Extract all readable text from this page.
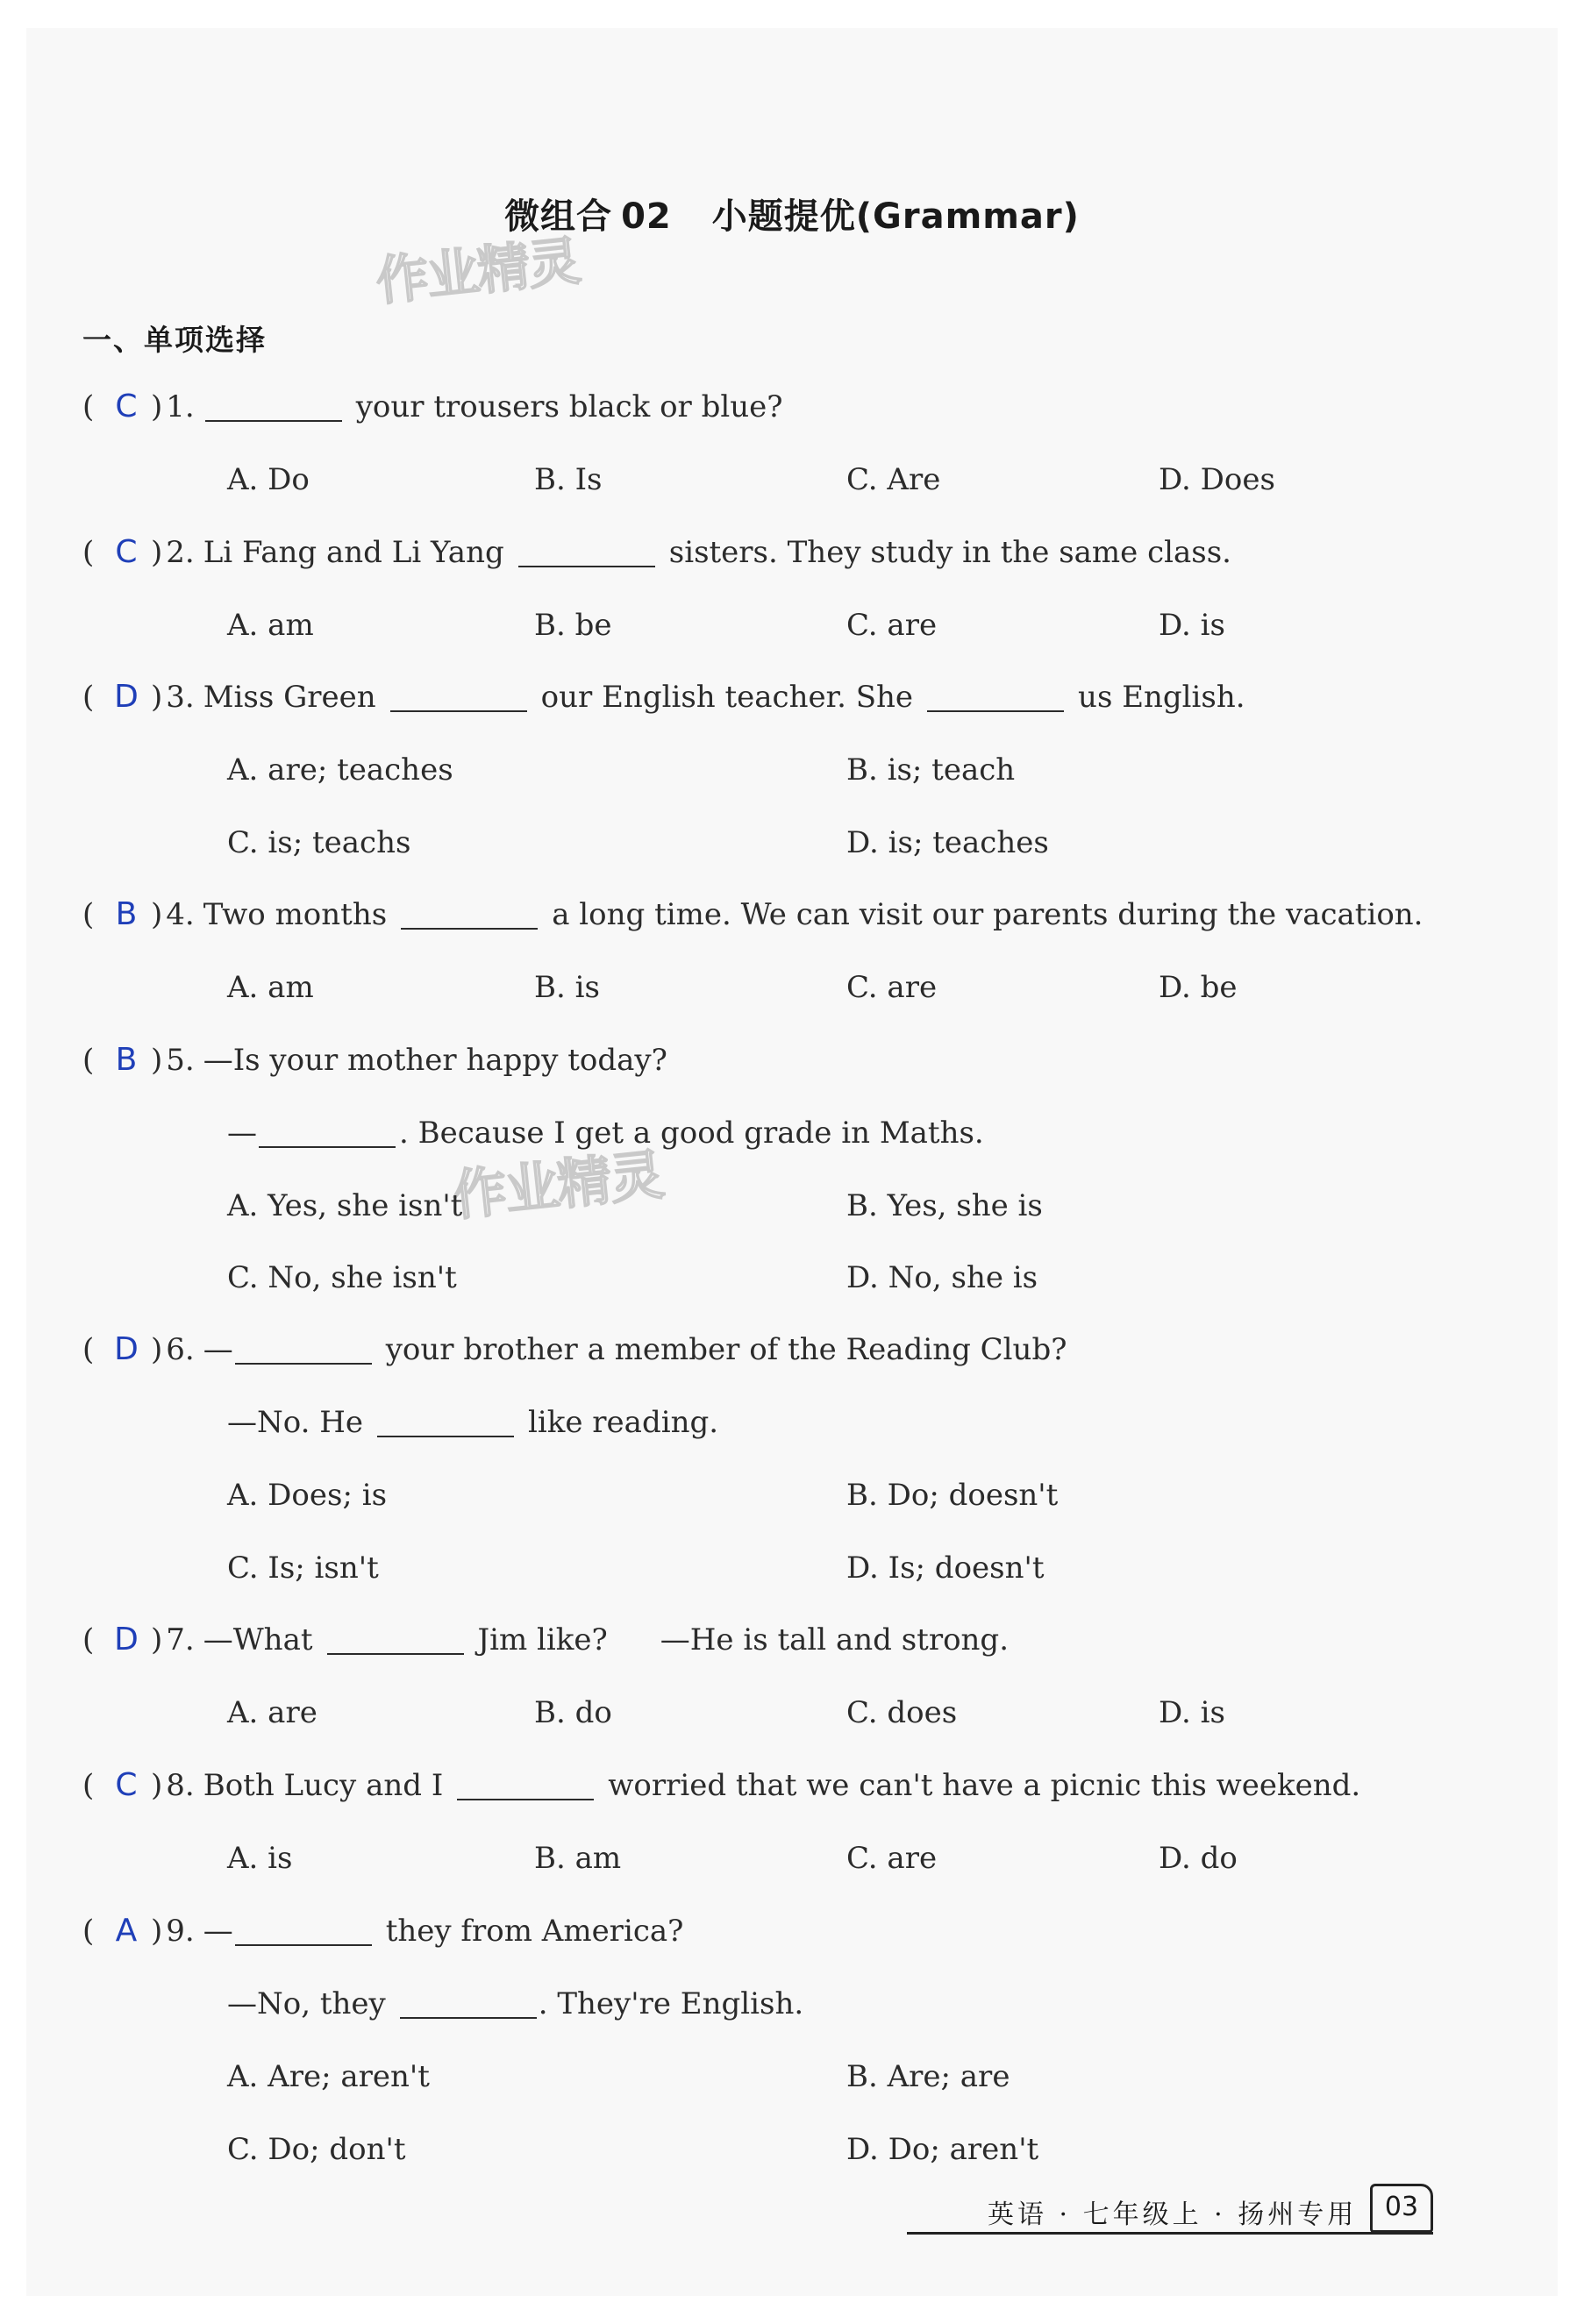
微组合 02 小题提优(Grammar)
作业精灵
作业精灵
一、单项选择
( C ) 1.	your trousers black or blue?
A. Do	B. Is	C. Are	D. Does
( C ) 2. Li Fang and Li Yang	sisters. They study in the same class.
A. am	B. be	C. are	D. is
( D ) 3. Miss Green	our English teacher. She	us English.
A. are; teaches	B. is; teach
C. is; teachs	D. is; teaches
( B ) 4. Two months	a long time. We can visit our parents during the vacation.
A. am	B. is	C. are	D. be
( B ) 5. —Is your mother happy today?
—	. Because I get a good grade in Maths.
A. Yes, she isn't	B. Yes, she is
C. No, she isn't	D. No, she is
( D ) 6. —	your brother a member of the Reading Club?
—No. He	like reading.
A. Does; is	B. Do; doesn't
C. Is; isn't	D. Is; doesn't
( D ) 7. —What	Jim like? —He is tall and strong.
A. are	B. do	C. does	D. is
( C ) 8. Both Lucy and I	worried that we can't have a picnic this weekend.
A. is	B. am	C. are	D. do
( A ) 9. —	they from America?
—No, they	. They're English.
A. Are; aren't	B. Are; are
C. Do; don't	D. Do; aren't
英语 · 七年级上 · 扬州专用	03
